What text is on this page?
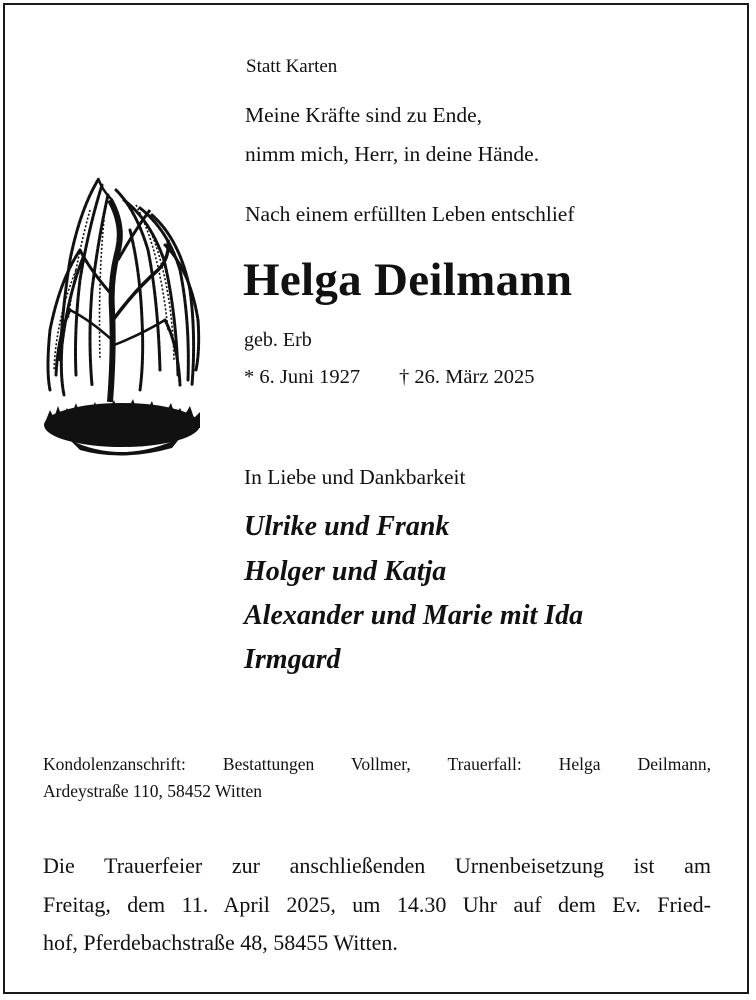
Statt Karten
Meine Kräfte sind zu Ende,
nimm mich, Herr, in deine Hände.
Nach einem erfüllten Leben entschlief
Helga Deilmann
geb. Erb
* 6. Juni 1927 † 26. März 2025
In Liebe und Dankbarkeit
Ulrike und Frank
Holger und Katja
Alexander und Marie mit Ida
Irmgard
Kondolenzanschrift: Bestattungen Vollmer, Trauerfall: Helga Deilmann,
Ardeystraße 110, 58452 Witten
Die Trauerfeier zur anschließenden Urnenbeisetzung ist am
Freitag, dem 11. April 2025, um 14.30 Uhr auf dem Ev. Fried-
hof, Pferdebachstraße 48, 58455 Witten.
